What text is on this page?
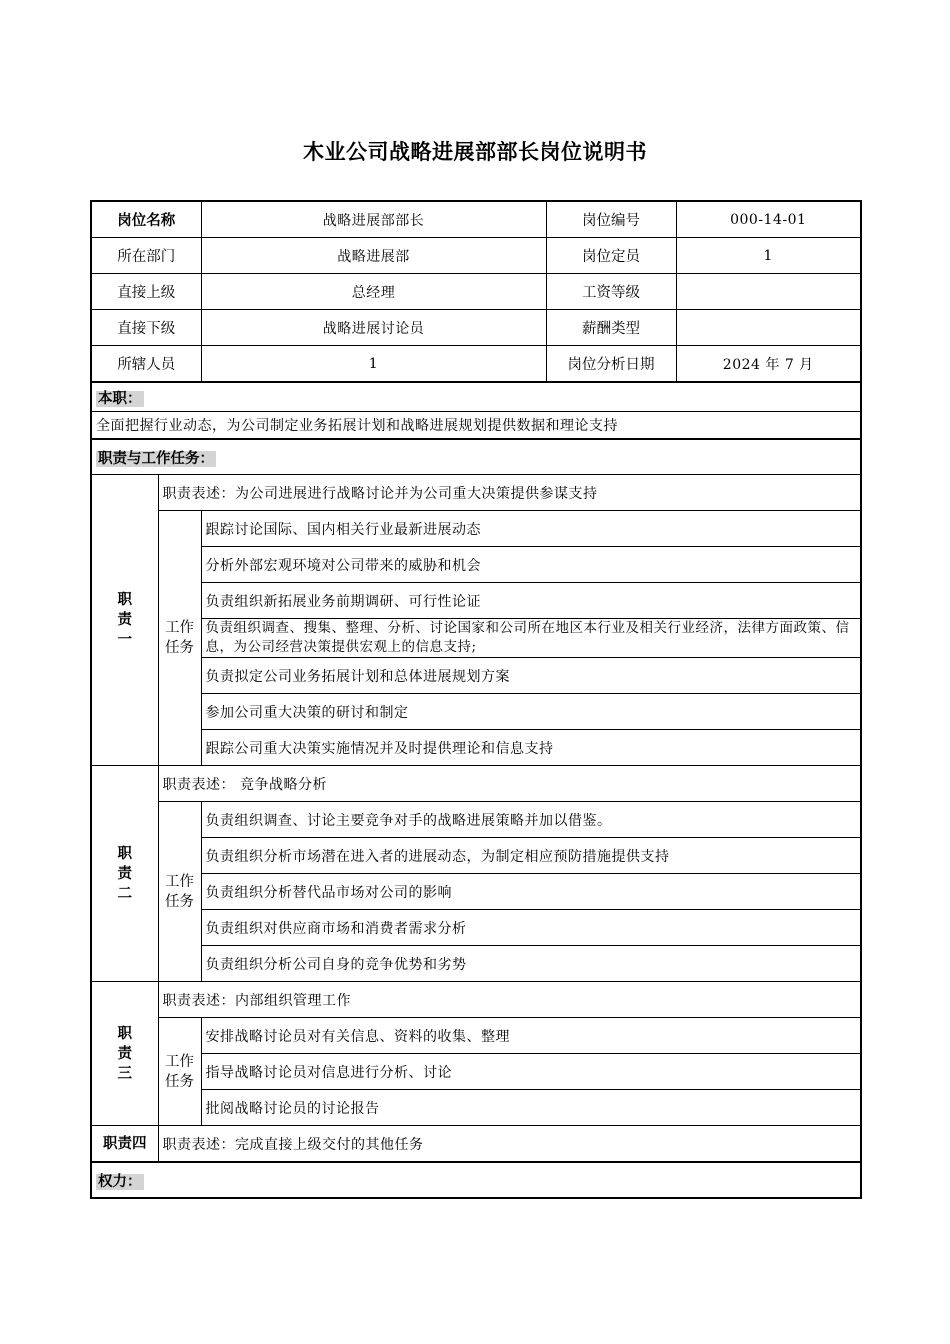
木业公司战略进展部部长岗位说明书
岗位名称		战略进展部部长	岗位编号	000-14-01
所在部门		战略进展部	岗位定员	1
直接上级		总经理	工资等级	
直接下级		战略进展讨论员	薪酬类型	
所辖人员		1	岗位分析日期	2024 年 7 月
本职：				
全面把握行业动态，为公司制定业务拓展计划和战略进展规划提供数据和理论支持				
职责与工作任务：				
职责一	职责表述：为公司进展进行战略讨论并为公司重大决策提供参谋支持			
	工作任务	跟踪讨论国际、国内相关行业最新进展动态		
		分析外部宏观环境对公司带来的威胁和机会		
		负责组织新拓展业务前期调研、可行性论证		
		负责组织调查、搜集、整理、分析、讨论国家和公司所在地区本行业及相关行业经济，法律方面政策、信息，为公司经营决策提供宏观上的信息支持;		
		负责拟定公司业务拓展计划和总体进展规划方案		
		参加公司重大决策的研讨和制定		
		跟踪公司重大决策实施情况并及时提供理论和信息支持		
职责二	职责表述： 竞争战略分析			
	工作任务	负责组织调查、讨论主要竞争对手的战略进展策略并加以借鉴。		
		负责组织分析市场潜在进入者的进展动态，为制定相应预防措施提供支持		
		负责组织分析替代品市场对公司的影响		
		负责组织对供应商市场和消费者需求分析		
		负责组织分析公司自身的竞争优势和劣势		
职责三	职责表述：内部组织管理工作			
	工作任务	安排战略讨论员对有关信息、资料的收集、整理		
		指导战略讨论员对信息进行分析、讨论		
		批阅战略讨论员的讨论报告		
职责四	职责表述：完成直接上级交付的其他任务			
权力：				
